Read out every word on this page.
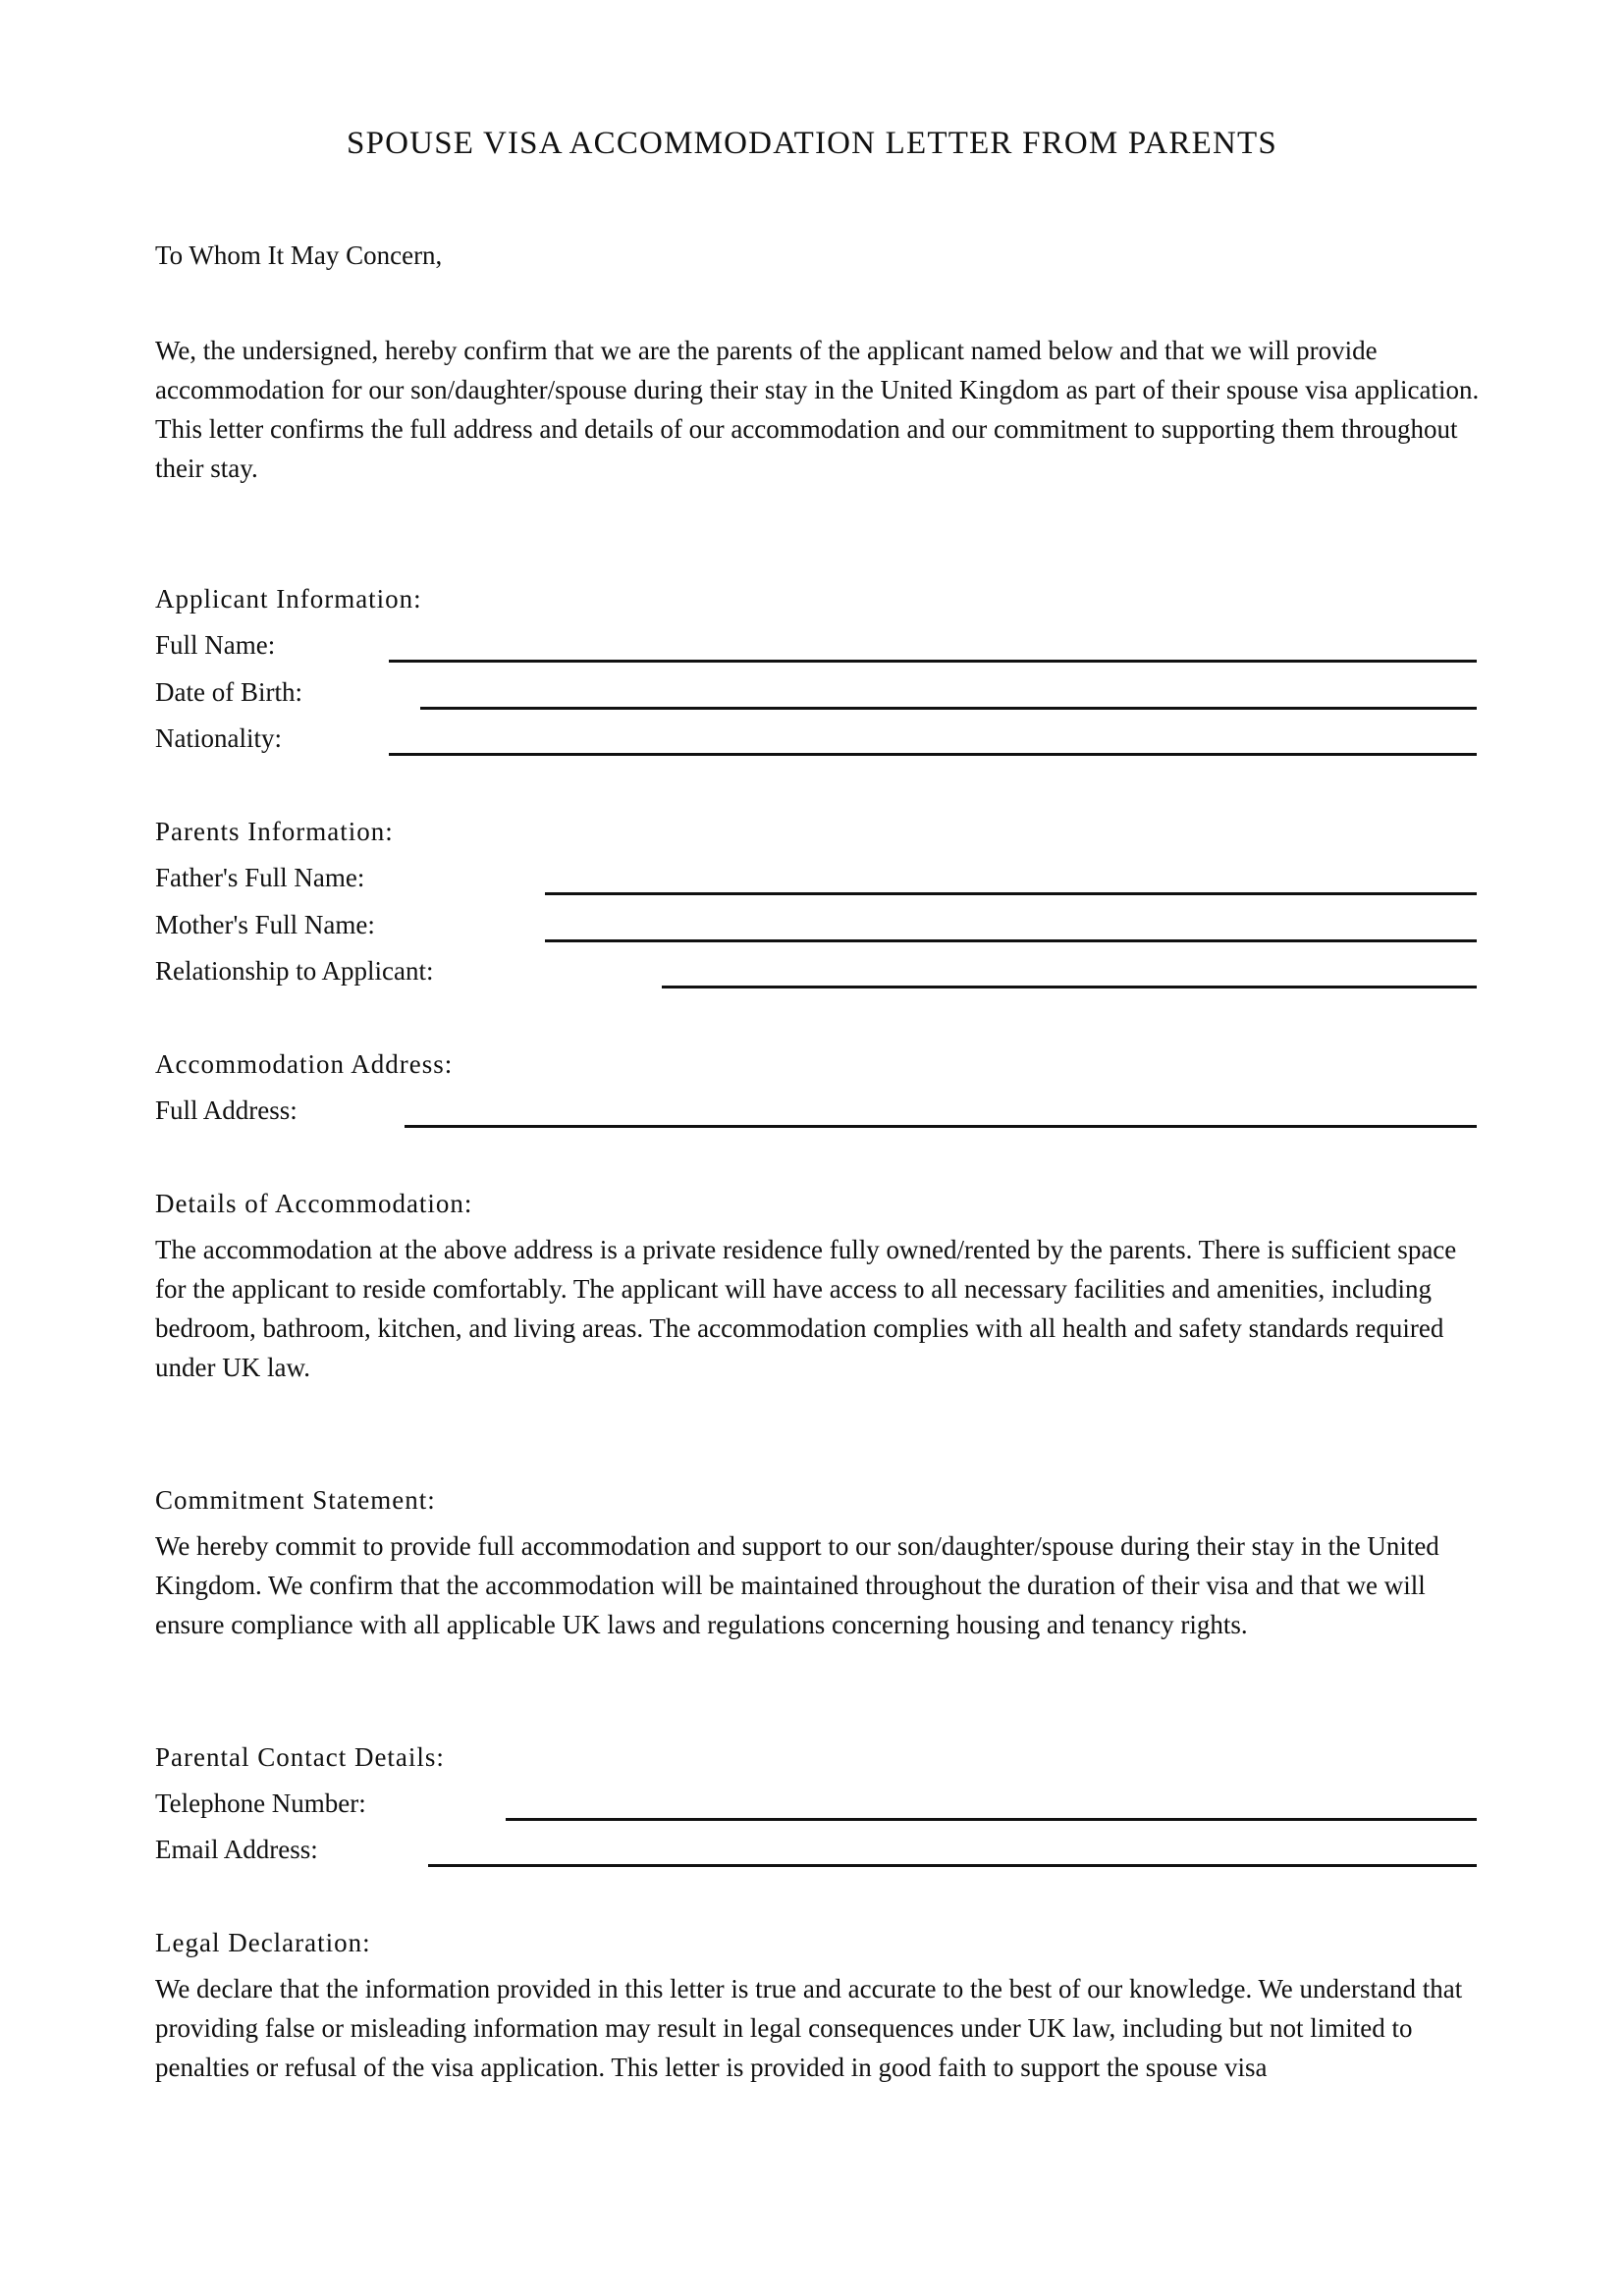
SPOUSE VISA ACCOMMODATION LETTER FROM PARENTS
To Whom It May Concern,
We, the undersigned, hereby confirm that we are the parents of the applicant named below and that we will provide accommodation for our son/daughter/spouse during their stay in the United Kingdom as part of their spouse visa application. This letter confirms the full address and details of our accommodation and our commitment to supporting them throughout their stay.
Applicant Information:
Full Name:
Date of Birth:
Nationality:
Parents Information:
Father's Full Name:
Mother's Full Name:
Relationship to Applicant:
Accommodation Address:
Full Address:
Details of Accommodation:
The accommodation at the above address is a private residence fully owned/rented by the parents. There is sufficient space for the applicant to reside comfortably. The applicant will have access to all necessary facilities and amenities, including bedroom, bathroom, kitchen, and living areas. The accommodation complies with all health and safety standards required under UK law.
Commitment Statement:
We hereby commit to provide full accommodation and support to our son/daughter/spouse during their stay in the United Kingdom. We confirm that the accommodation will be maintained throughout the duration of their visa and that we will ensure compliance with all applicable UK laws and regulations concerning housing and tenancy rights.
Parental Contact Details:
Telephone Number:
Email Address:
Legal Declaration:
We declare that the information provided in this letter is true and accurate to the best of our knowledge. We understand that providing false or misleading information may result in legal consequences under UK law, including but not limited to penalties or refusal of the visa application. This letter is provided in good faith to support the spouse visa
